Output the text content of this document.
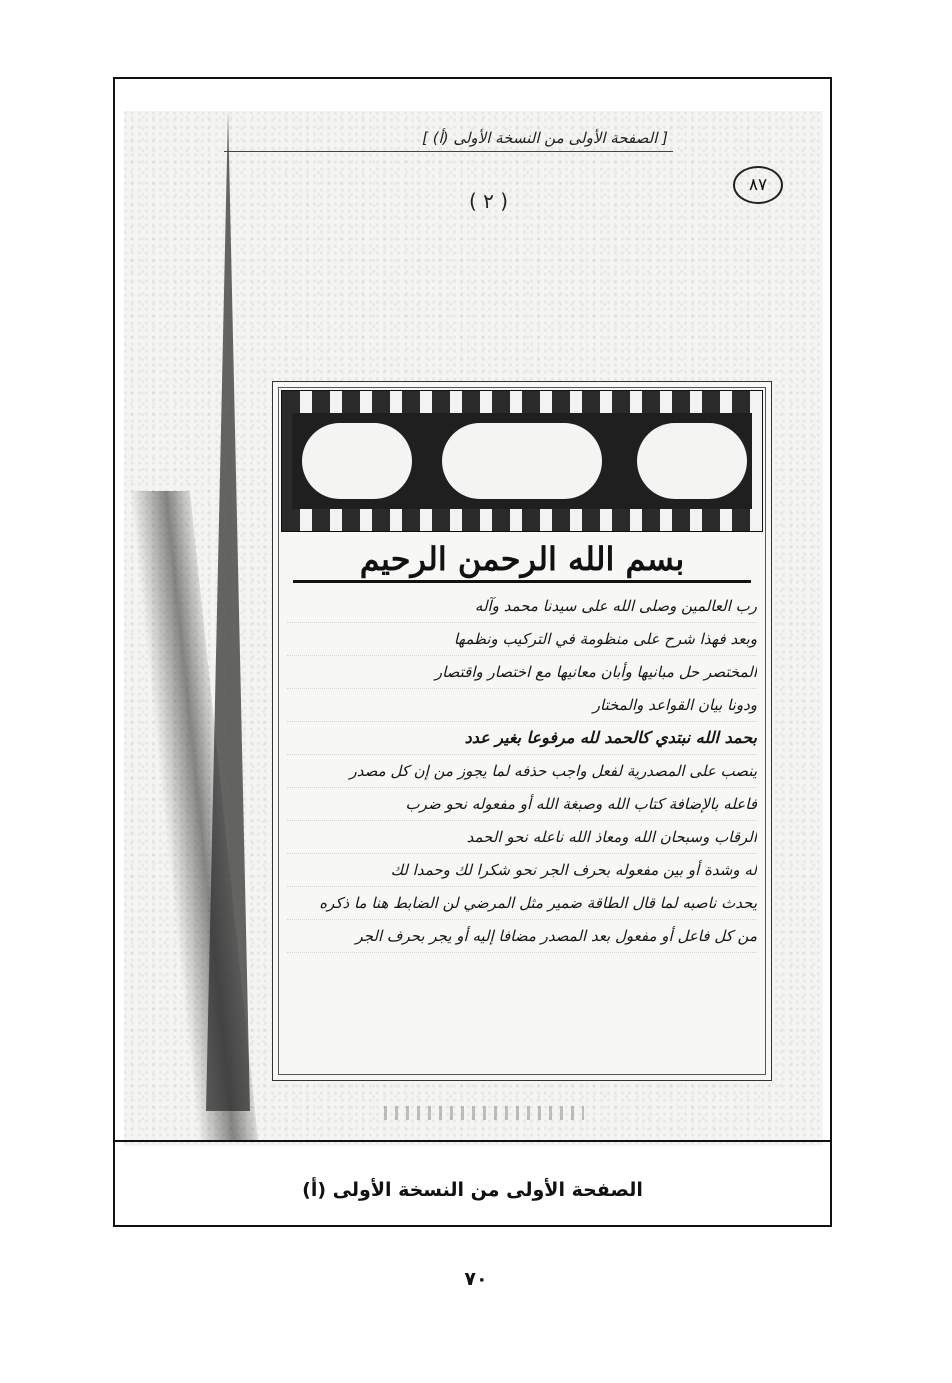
[ الصفحة الأولى من النسخة الأولى (أ) ]
٨٧
( ٢ )
بسم الله الرحمن الرحيم
رب العالمين وصلى الله على سيدنا محمد وآله
وبعد فهذا شرح على منظومة في التركيب ونظمها
المختصر حل مبانيها وأبان معانيها مع اختصار واقتصار
ودونا بيان القواعد والمختار
بحمد الله نبتدي كالحمد لله مرفوعا بغير عدد
ينصب على المصدرية لفعل واجب حذفه لما يجوز من إن كل مصدر
فاعله بالإضافة كتاب الله وصبغة الله أو مفعوله نحو ضرب
الرقاب وسبحان الله ومعاذ الله ناعله نحو الحمد
له وشدة أو بين مفعوله بحرف الجر نحو شكرا لك وحمدا لك
يحدث ناصبه لما قال الطاقة ضمير مثل المرضي لن الضابط هنا ما ذكره
من كل فاعل أو مفعول بعد المصدر مضافا إليه أو يجر بحرف الجر
الصفحة الأولى من النسخة الأولى (أ)
٧٠
